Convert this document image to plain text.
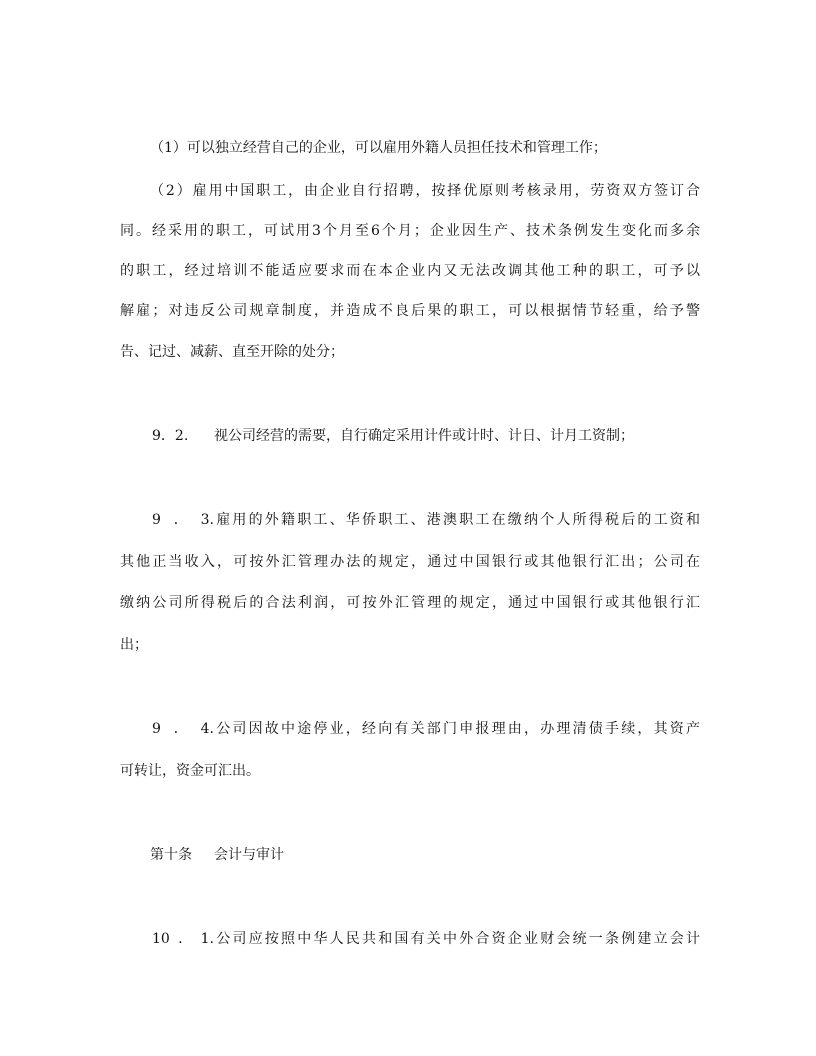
（1）可以独立经营自己的企业，可以雇用外籍人员担任技术和管理工作；
（2）雇用中国职工，由企业自行招聘，按择优原则考核录用，劳资双方签订合
同。经采用的职工，可试用3个月至6个月；企业因生产、技术条例发生变化而多余
的职工，经过培训不能适应要求而在本企业内又无法改调其他工种的职工，可予以
解雇；对违反公司规章制度，并造成不良后果的职工，可以根据情节轻重，给予警
告、记过、减薪、直至开除的处分；
9．2. 视公司经营的需要，自行确定采用计件或计时、计日、计月工资制；
9．3.雇用的外籍职工、华侨职工、港澳职工在缴纳个人所得税后的工资和
其他正当收入，可按外汇管理办法的规定，通过中国银行或其他银行汇出；公司在
缴纳公司所得税后的合法利润，可按外汇管理的规定，通过中国银行或其他银行汇
出；
9．4.公司因故中途停业，经向有关部门申报理由，办理清债手续，其资产
可转让，资金可汇出。
第十条 会计与审计
10．1.公司应按照中华人民共和国有关中外合资企业财会统一条例建立会计
